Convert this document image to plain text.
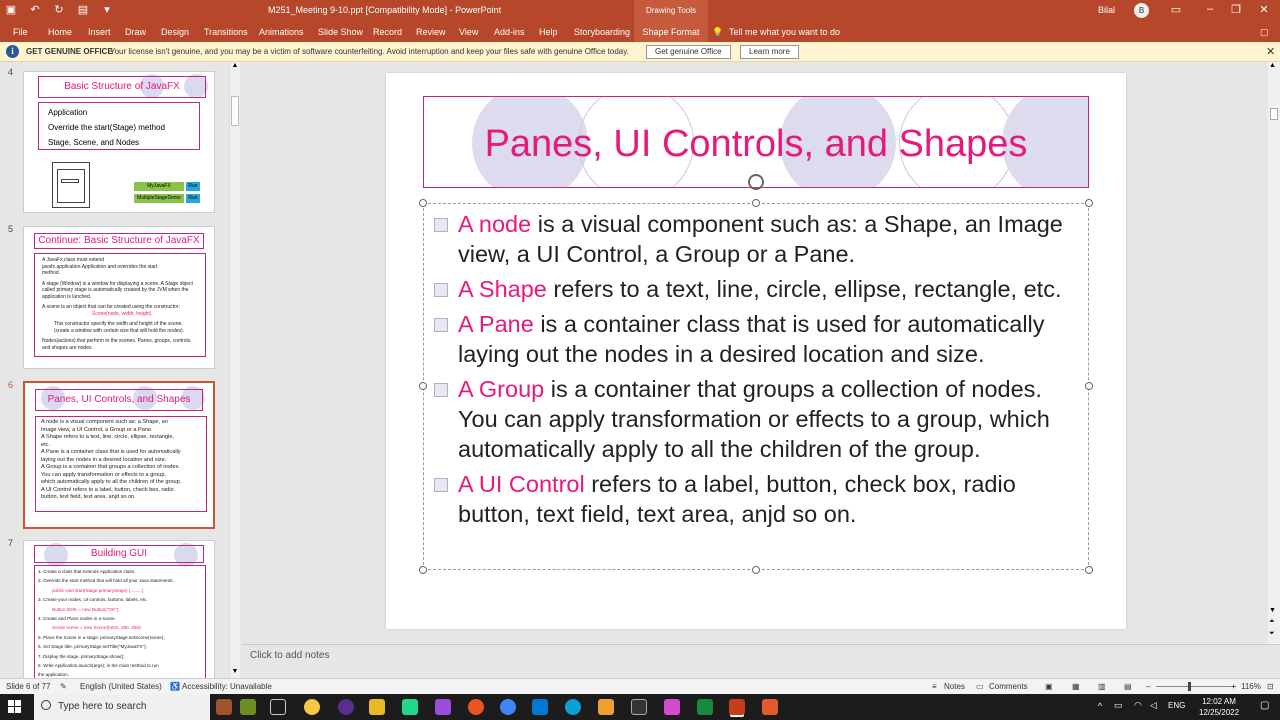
▣ ↶ ↻ ▤	▾	M251_Meeting 9-10.ppt [Compatibility Mode] - PowerPoint	Drawing Tools	Bilal	B	▭	–	❐	✕
File Home Insert Draw Design Transitions Animations Slide Show Record Review View Add-ins Help Storyboarding	Shape Format	💡 Tell me what you want to do	▢
i	GET GENUINE OFFICE
Your license isn't genuine, and you may be a victim of software counterfeiting. Avoid interruption and keep your files safe with genuine Office today.	Get genuine Office	Learn more	✕
4
Basic Structure of JavaFX
Application
Override the start(Stage) method
Stage, Scene, and Nodes
MyJavaFX	Run
MultipleStageDemo	Run
5
Continue: Basic Structure of JavaFX
A JavaFx class must extend
javafx.application.Application and overrides the start
method.
A stage (Window) is a window for displaying a scene. A Stage object
called primary stage is automatically created by the JVM when the
application is lunched.
A scene is an object that can be created using the constructor:
Scene(node, width, height)
This constructor specify the width and height of the scene,
(create a window with certain size that will hold the nodes).
Nodes(actions) that perform in the scenes. Panes, groups, controls,
and shapes are nodes.
6
Panes, UI Controls, and Shapes
A node is a visual component such as: a Shape, an
Image view, a UI Control, a Group or a Pane.
A Shape refers to a text, line, circle, ellipse, rectangle,
etc.
A Pane is a container class that is used for automatically
laying out the nodes in a desired location and size.
A Group is a container that groups a collection of nodes.
You can apply transformation or effects to a group,
which automatically apply to all the children of the group.
A UI Control refers to a label, button, check box, radio
button, text field, text area, anjd so on.
7
Building GUI
1. Create a class that extends Application class.
2. Override the start method that will hold all your Java statements.
public void start(Stage primaryStage) {.........}
3. Create your nodes, UI controls, buttons, labels, etc.
Button btOK = new Button("OK");
4. Create and Place nodes in a scene.
Scene scene = new Scene(btOK, 200, 250);
5. Place the Scene in a stage. primaryStage.setScene(scene);
6. Set Stage title. primaryStage.setTitle("MyJavaFX");
7. Display the stage. primaryStage.show();
8. Write Application.launch(args); in the main method to run
the application.
▲
▼
Panes, UI Controls, and Shapes
A node is a visual component such as: a Shape, an Image view, a UI Control, a Group or a Pane.
A Shape refers to a text, line, circle, ellipse, rectangle, etc.
A Pane is a container class that is used for automatically laying out the nodes in a desired location and size.
A Group is a container that groups a collection of nodes. You can apply transformation or effects to a group, which automatically apply to all the children of the group.
A UI Control refers to a label, button, check box, radio button, text field, text area, anjd so on.
▲
▼
⏶
⏷
Click to add notes
Slide 6 of 77 ✎ English (United States) ♿ Accessibility: Unavailable	≡ Notes ▭ Comments ▣ ▦ ▥ ▤ –	+ 116% ⊡
Type here to search	^ ▭ ◠ ◁ ENG	12:02 AM
12/25/2022
▢
